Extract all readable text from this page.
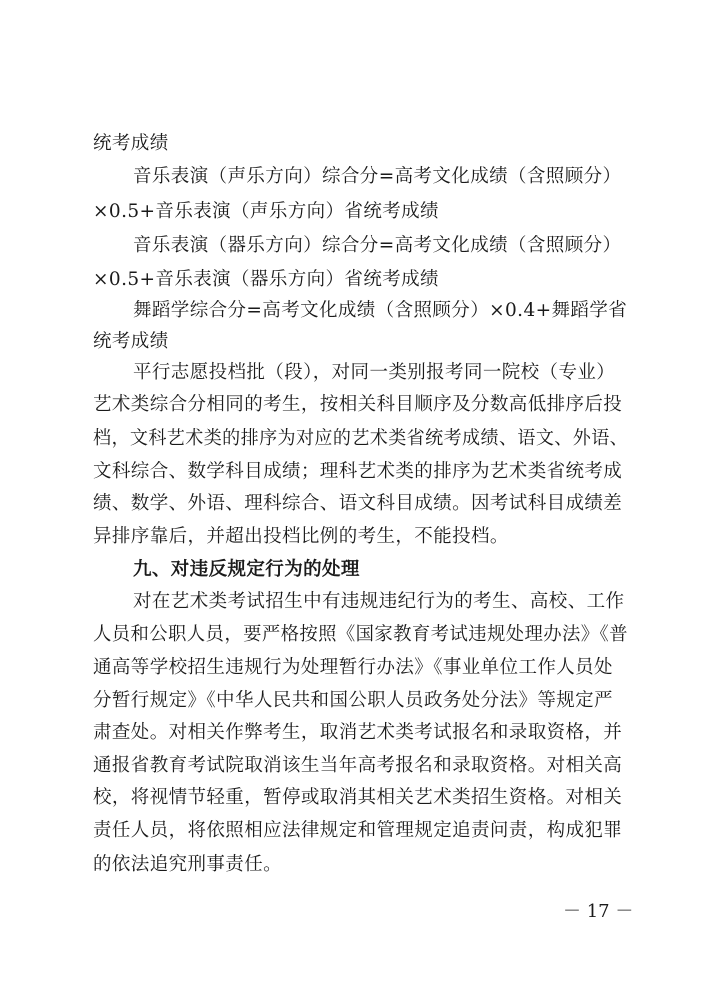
统考成绩
音乐表演（声乐方向）综合分=高考文化成绩（含照顾分）
×0.5+音乐表演（声乐方向）省统考成绩
音乐表演（器乐方向）综合分=高考文化成绩（含照顾分）
×0.5+音乐表演（器乐方向）省统考成绩
舞蹈学综合分=高考文化成绩（含照顾分）×0.4+舞蹈学省
统考成绩
平行志愿投档批（段），对同一类别报考同一院校（专业）
艺术类综合分相同的考生，按相关科目顺序及分数高低排序后投
档，文科艺术类的排序为对应的艺术类省统考成绩、语文、外语、
文科综合、数学科目成绩；理科艺术类的排序为艺术类省统考成
绩、数学、外语、理科综合、语文科目成绩。因考试科目成绩差
异排序靠后，并超出投档比例的考生，不能投档。
九、对违反规定行为的处理
对在艺术类考试招生中有违规违纪行为的考生、高校、工作
人员和公职人员，要严格按照《国家教育考试违规处理办法》《普
通高等学校招生违规行为处理暂行办法》《事业单位工作人员处
分暂行规定》《中华人民共和国公职人员政务处分法》等规定严
肃查处。对相关作弊考生，取消艺术类考试报名和录取资格，并
通报省教育考试院取消该生当年高考报名和录取资格。对相关高
校，将视情节轻重，暂停或取消其相关艺术类招生资格。对相关
责任人员，将依照相应法律规定和管理规定追责问责，构成犯罪
的依法追究刑事责任。
－ 17 －
